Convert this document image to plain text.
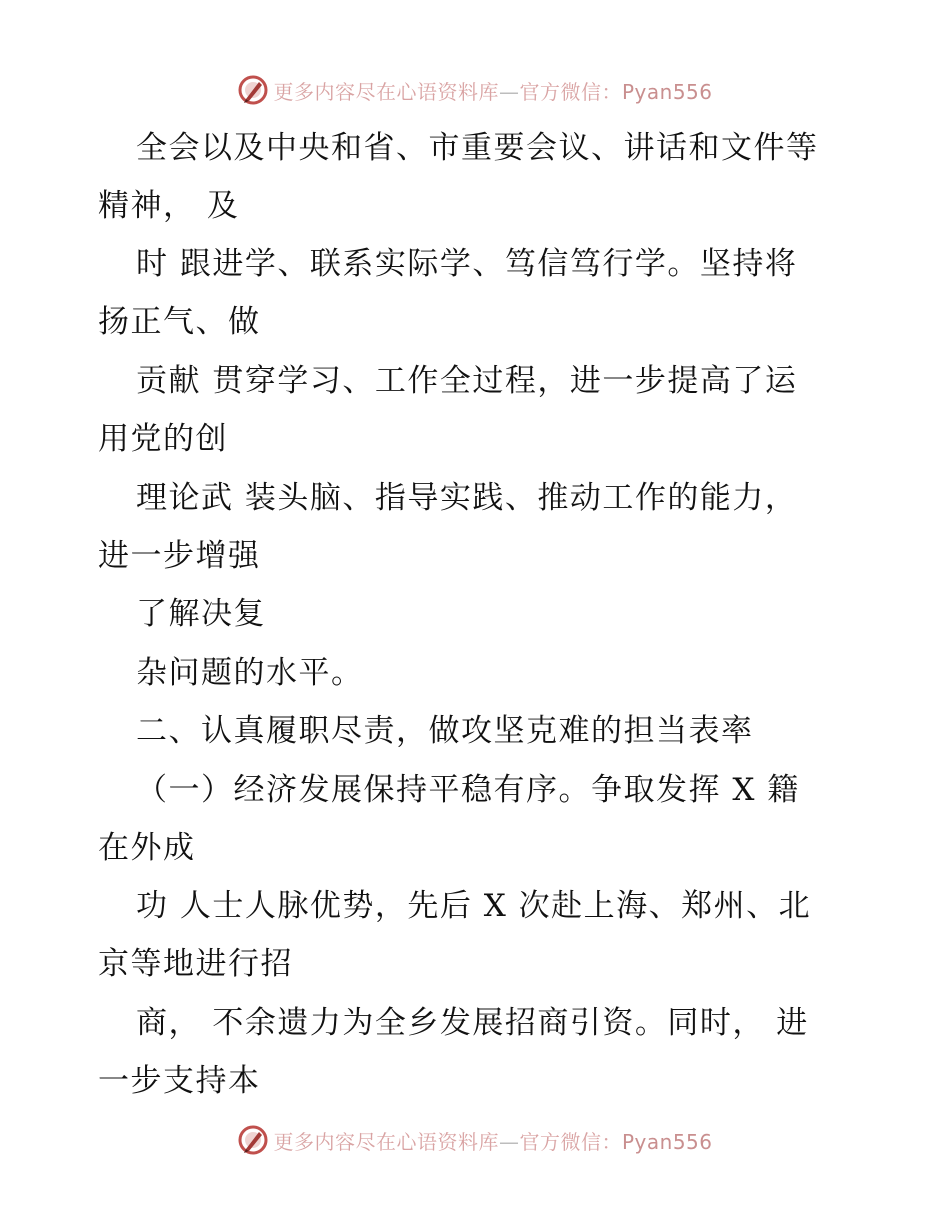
更多内容尽在心语资料库—官方微信：Pyan556
全会以及中央和省、市重要会议、讲话和文件等
精神， 及
时 跟进学、联系实际学、笃信笃行学。坚持将
扬正气、做
贡献 贯穿学习、工作全过程，进一步提高了运
用党的创
理论武 装头脑、指导实践、推动工作的能力，
进一步增强
了解决复
杂问题的水平。
二、认真履职尽责，做攻坚克难的担当表率
（一）经济发展保持平稳有序。争取发挥 X 籍
在外成
功 人士人脉优势，先后 X 次赴上海、郑州、北
京等地进行招
商， 不余遗力为全乡发展招商引资。同时， 进
一步支持本
更多内容尽在心语资料库—官方微信：Pyan556
